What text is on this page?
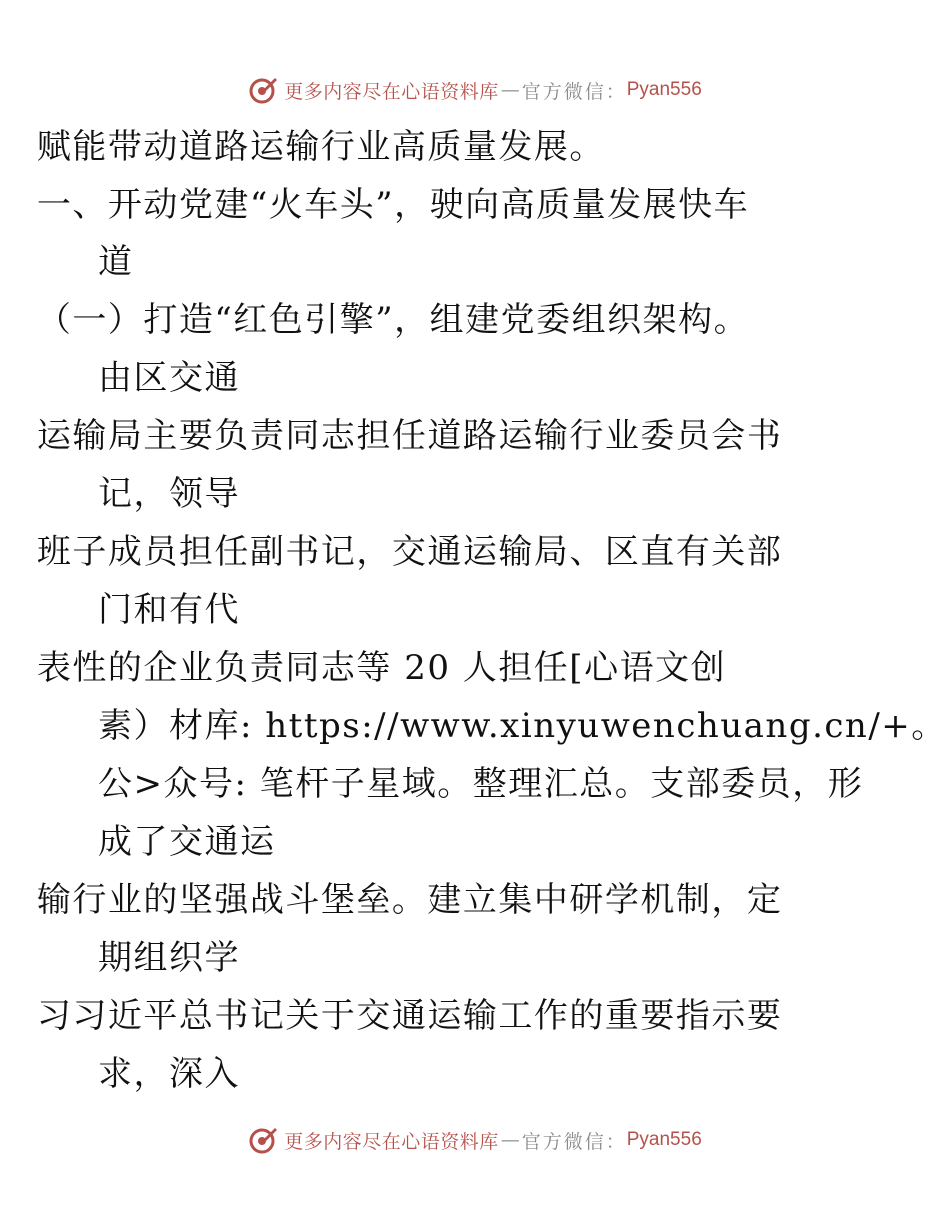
更多内容尽在心语资料库 — 官方微信： Pyan556
赋能带动道路运输行业高质量发展。
一、开动党建“火车头”，驶向高质量发展快车
道
（一）打造“红色引擎”，组建党委组织架构。
由区交通
运输局主要负责同志担任道路运输行业委员会书
记，领导
班子成员担任副书记，交通运输局、区直有关部
门和有代
表性的企业负责同志等 20 人担任[心语文创
素）材库: https://www.xinyuwenchuang.cn/+。
公>众号: 笔杆子星域。整理汇总。支部委员，形
成了交通运
输行业的坚强战斗堡垒。建立集中研学机制，定
期组织学
习习近平总书记关于交通运输工作的重要指示要
求，深入
更多内容尽在心语资料库 — 官方微信： Pyan556
